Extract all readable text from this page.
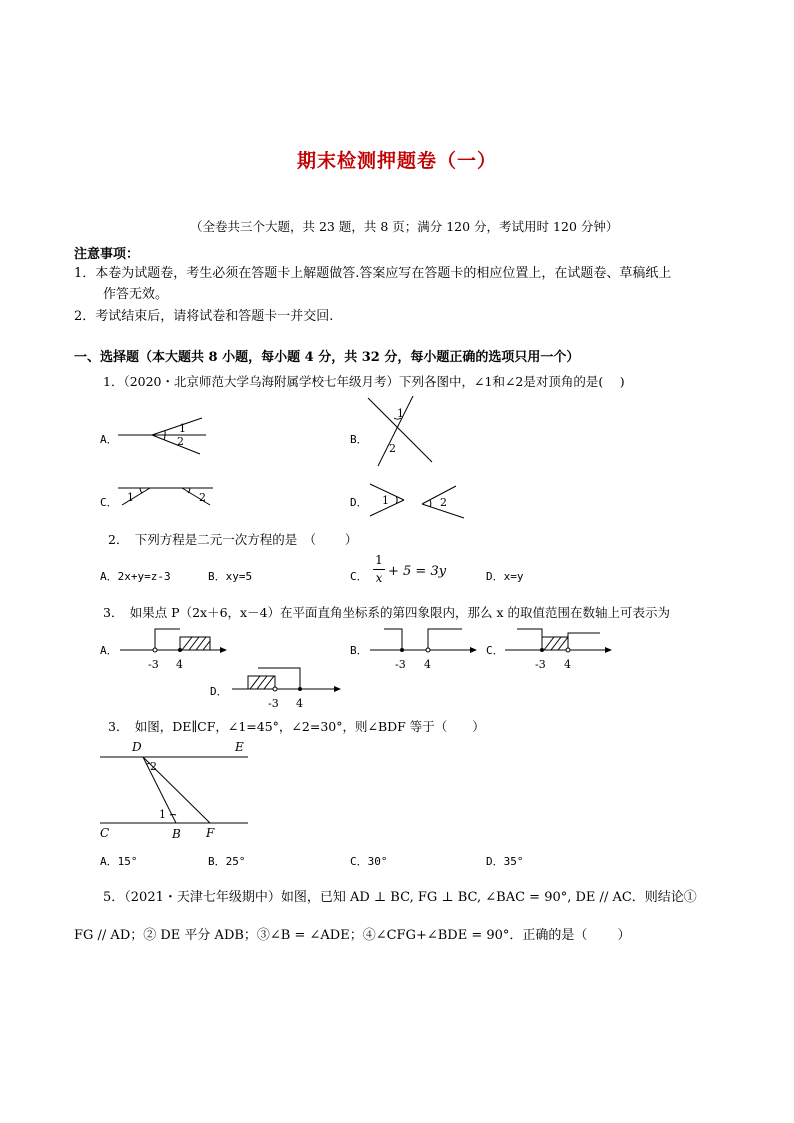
期末检测押题卷（一）
（全卷共三个大题，共 23 题，共 8 页；满分 120 分，考试用时 120 分钟）
注意事项：
1．本卷为试题卷，考生必须在答题卡上解题做答.答案应写在答题卡的相应位置上，在试题卷、草稿纸上
作答无效。
2．考试结束后，请将试卷和答题卡一并交回.
一、选择题（本大题共 8 小题，每小题 4 分，共 32 分，每小题正确的选项只用一个）
1．（2020・北京师范大学乌海附属学校七年级月考）下列各图中，∠1和∠2是对顶角的是(　 )
A．	B．
C．	D．
1
2
1
2
1	2	1	2
2．　下列方程是二元一次方程的是　（　　 ）
A．2x+y=z-3	B．xy=5	C．
1
x + 5 = 3y	D．x=y
3．　如果点 P（2x＋6，x－4）在平面直角坐标系的第四象限内，那么 x 的取值范围在数轴上可表示为
A．	B．	C．
D．
-3 4	-3 4	-3 4
-3 4
3．　如图，DE∥CF，∠1=45°，∠2=30°，则∠BDF 等于（　　）
D	E
2
1
C	B F
A．15°	B．25°	C．30°	D．35°
5．（2021・天津七年级期中）如图，已知 AD ⊥ BC, FG ⊥ BC, ∠BAC = 90°, DE // AC．则结论①
FG // AD；② DE 平分 ADB；③∠B = ∠ADE；④∠CFG+∠BDE = 90°．正确的是（　　 ）
